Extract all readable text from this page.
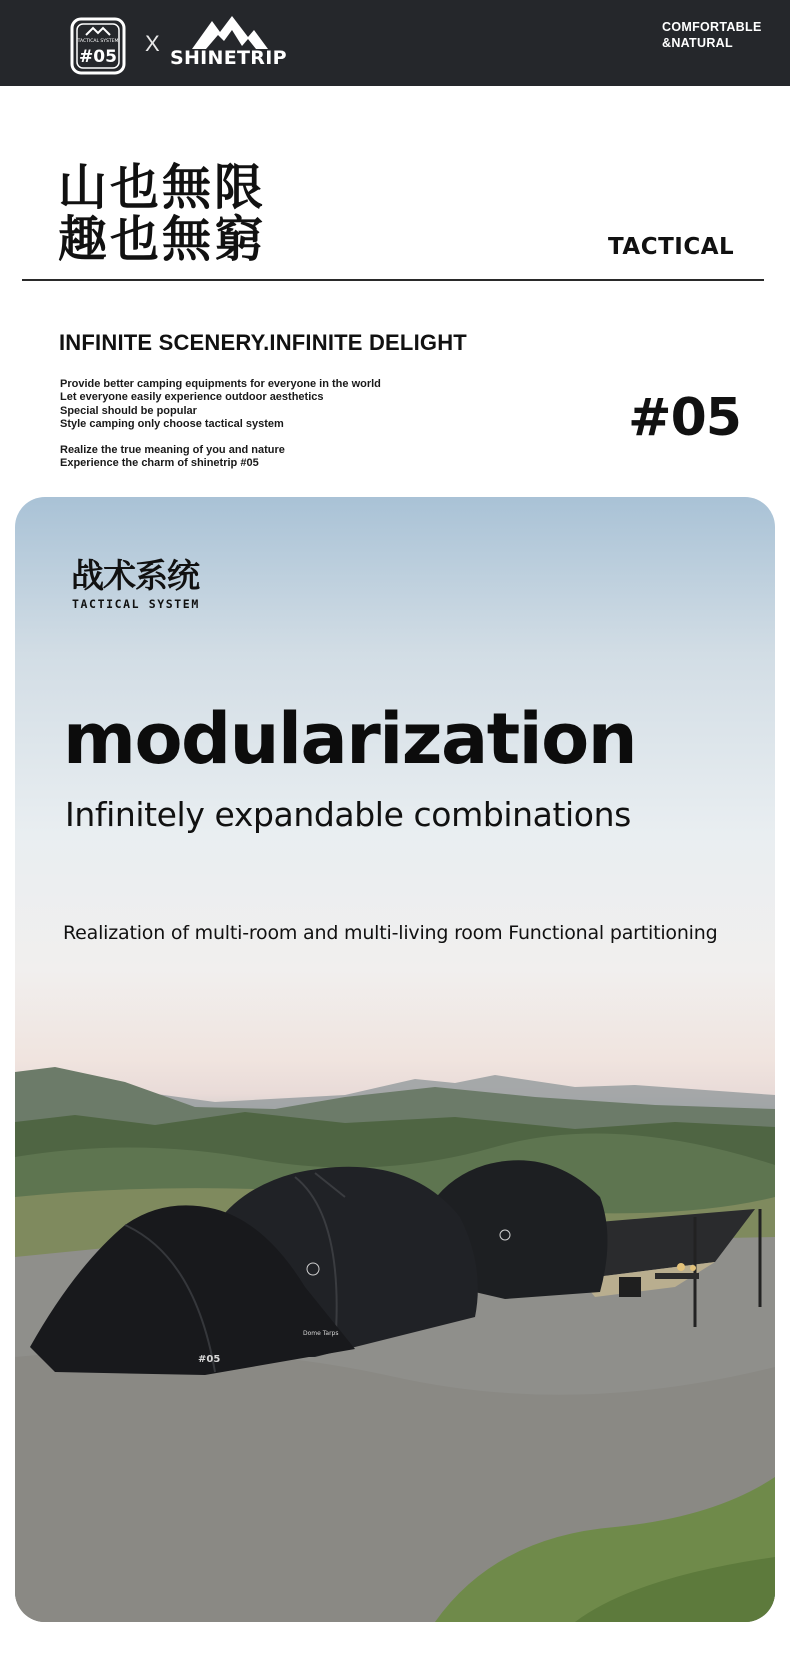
TACTICAL SYSTEM
#05
X
SHINETRIP
COMFORTABLE
&NATURAL
山也無限
趣也無窮	TACTICAL
INFINITE SCENERY.INFINITE DELIGHT
Provide better camping equipments for everyone in the world
Let everyone easily experience outdoor aesthetics
Special should be popular
Style camping only choose tactical system
Realize the true meaning of you and nature
Experience the charm of shinetrip #05
#05
#05
Dome Tarps
战术系统
TACTICAL SYSTEM
modularization
Infinitely expandable combinations

Realization of multi-room and multi-living room Functional partitioning
